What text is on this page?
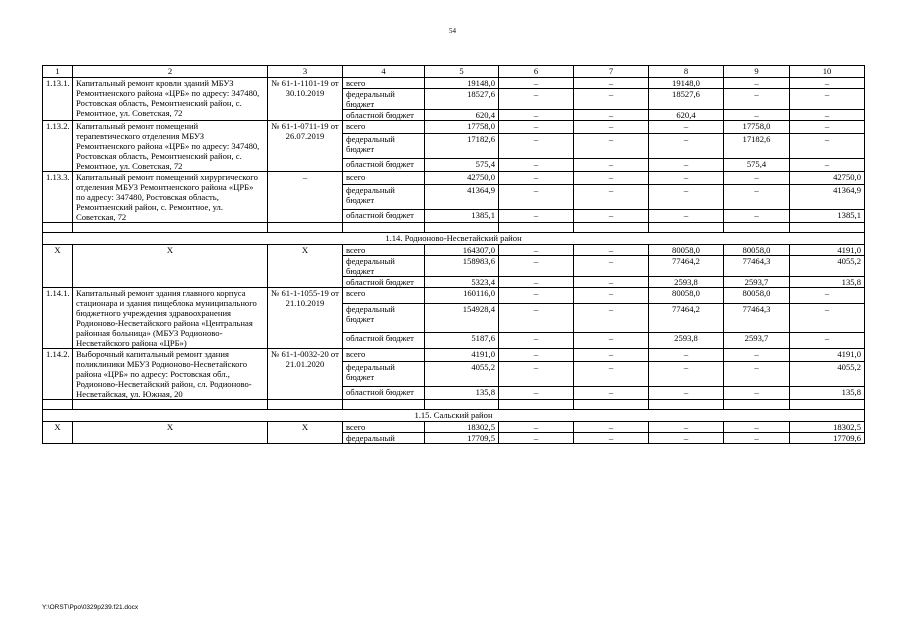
54
1	2	3	4	5	6	7	8	9	10
1.13.1.	Капитальный ремонт кровли зданий МБУЗ Ремонтненского района «ЦРБ» по адресу: 347480, Ростовская область, Ремонтненский район, с. Ремонтное, ул. Советская, 72	№ 61-1-1101-19 от 30.10.2019	всего	19148,0	–	–	19148,0	–	–
			федеральный бюджет	18527,6	–	–	18527,6	–	–
			областной бюджет	620,4	–	–	620,4	–	–
1.13.2.	Капитальный ремонт помещений терапевтического отделения МБУЗ Ремонтненского района «ЦРБ» по адресу: 347480, Ростовская область, Ремонтненский район, с. Ремонтное, ул. Советская, 72	№ 61-1-0711-19 от 26.07.2019	всего	17758,0	–	–	–	17758,0	–
			федеральный бюджет	17182,6	–	–	–	17182,6	–
			областной бюджет	575,4	–	–	–	575,4	–
1.13.3.	Капитальный ремонт помещений хирургического отделения МБУЗ Ремонтненского района «ЦРБ» по адресу: 347480, Ростовская область, Ремонтненский район, с. Ремонтное, ул. Советская, 72	–	всего	42750,0	–	–	–	–	42750,0
			федеральный бюджет	41364,9	–	–	–	–	41364,9
			областной бюджет	1385,1	–	–	–	–	1385,1

1.14. Родионово-Несветайский район									
Х	Х	Х	всего	164307,0	–	–	80058,0	80058,0	4191,0
			федеральный бюджет	158983,6	–	–	77464,2	77464,3	4055,2
			областной бюджет	5323,4	–	–	2593,8	2593,7	135,8
1.14.1.	Капитальный ремонт здания главного корпуса стационара и здания пищеблока муниципального бюджетного учреждения здравоохранения Родионово-Несветайского района «Центральная районная больница» (МБУЗ Родионово-Несветайского района «ЦРБ»)	№ 61-1-1055-19 от 21.10.2019	всего	160116,0	–	–	80058,0	80058,0	–
			федеральный бюджет	154928,4	–	–	77464,2	77464,3	–
			областной бюджет	5187,6	–	–	2593,8	2593,7	–
1.14.2.	Выборочный капитальный ремонт здания поликлиники МБУЗ Родионово-Несветайского района «ЦРБ» по адресу: Ростовская обл., Родионово-Несветайский район, сл. Родионово-Несветайская, ул. Южная, 20	№ 61-1-0032-20 от 21.01.2020	всего	4191,0	–	–	–	–	4191,0
			федеральный бюджет	4055,2	–	–	–	–	4055,2
			областной бюджет	135,8	–	–	–	–	135,8

1.15. Сальский район									
Х	Х	Х	всего	18302,5	–	–	–	–	18302,5
			федеральный	17709,5	–	–	–	–	17709,6
Y:\ORST\Ppo\0329p239.f21.docx
